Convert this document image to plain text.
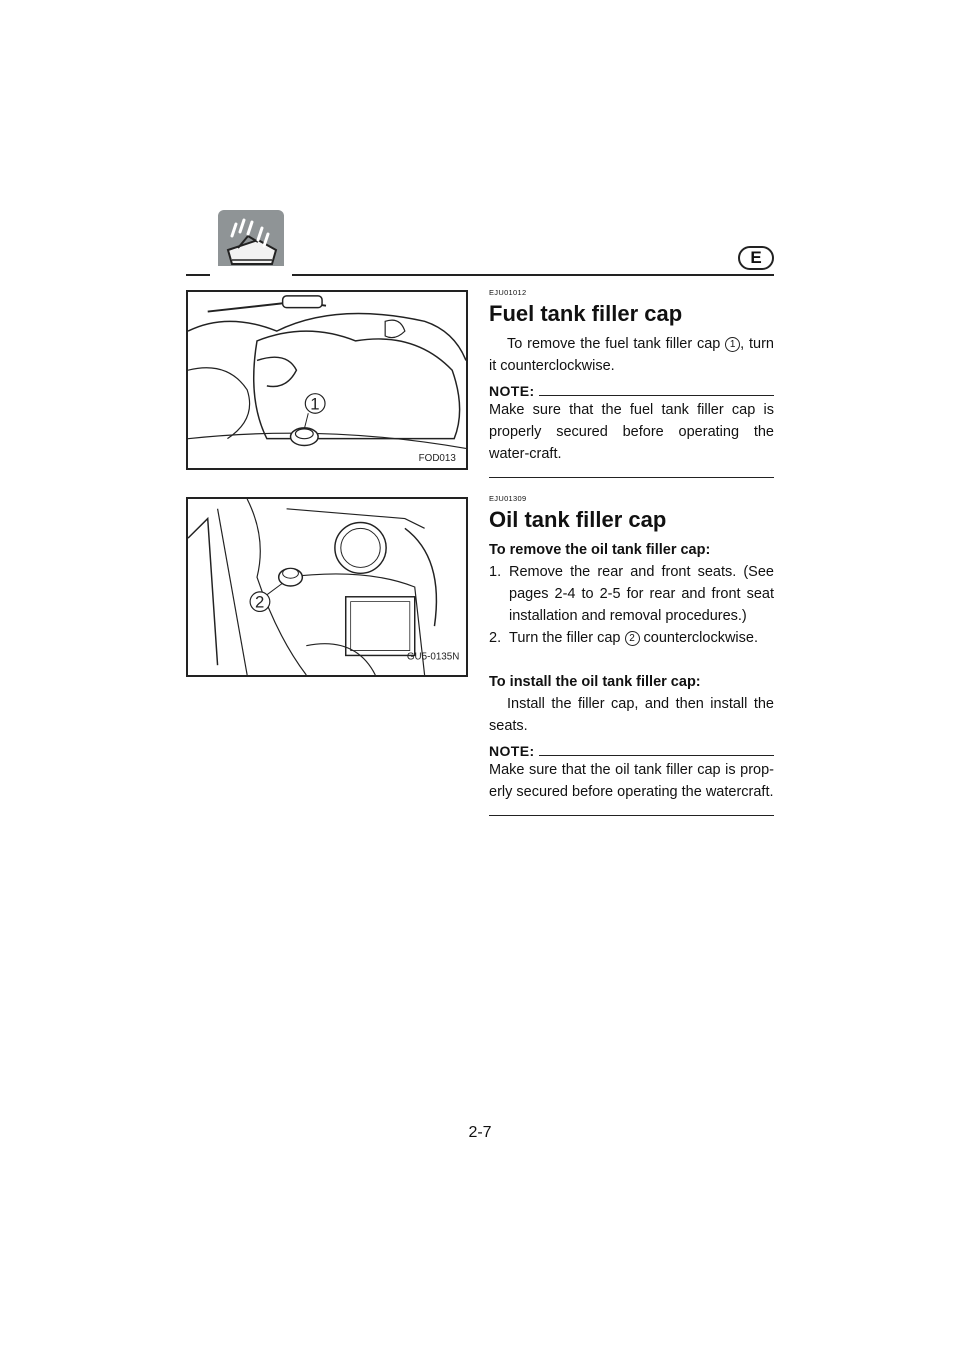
E
1
FOD013
2
GU5-0135N

EJU01012

Fuel tank filler cap

To remove the fuel tank filler cap 1 , turn it counterclockwise.

NOTE:

Make sure that the fuel tank filler cap is properly secured before operating the water-craft.

EJU01309

Oil tank filler cap

To remove the oil tank filler cap:

1. Remove the rear and front seats. (See pages 2-4 to 2-5 for rear and front seat installation and removal procedures.)
2. Turn the filler cap 2 counterclockwise.

To install the oil tank filler cap:

Install the filler cap, and then install the seats.

NOTE:

Make sure that the oil tank filler cap is prop-erly secured before operating the watercraft.

2-7
